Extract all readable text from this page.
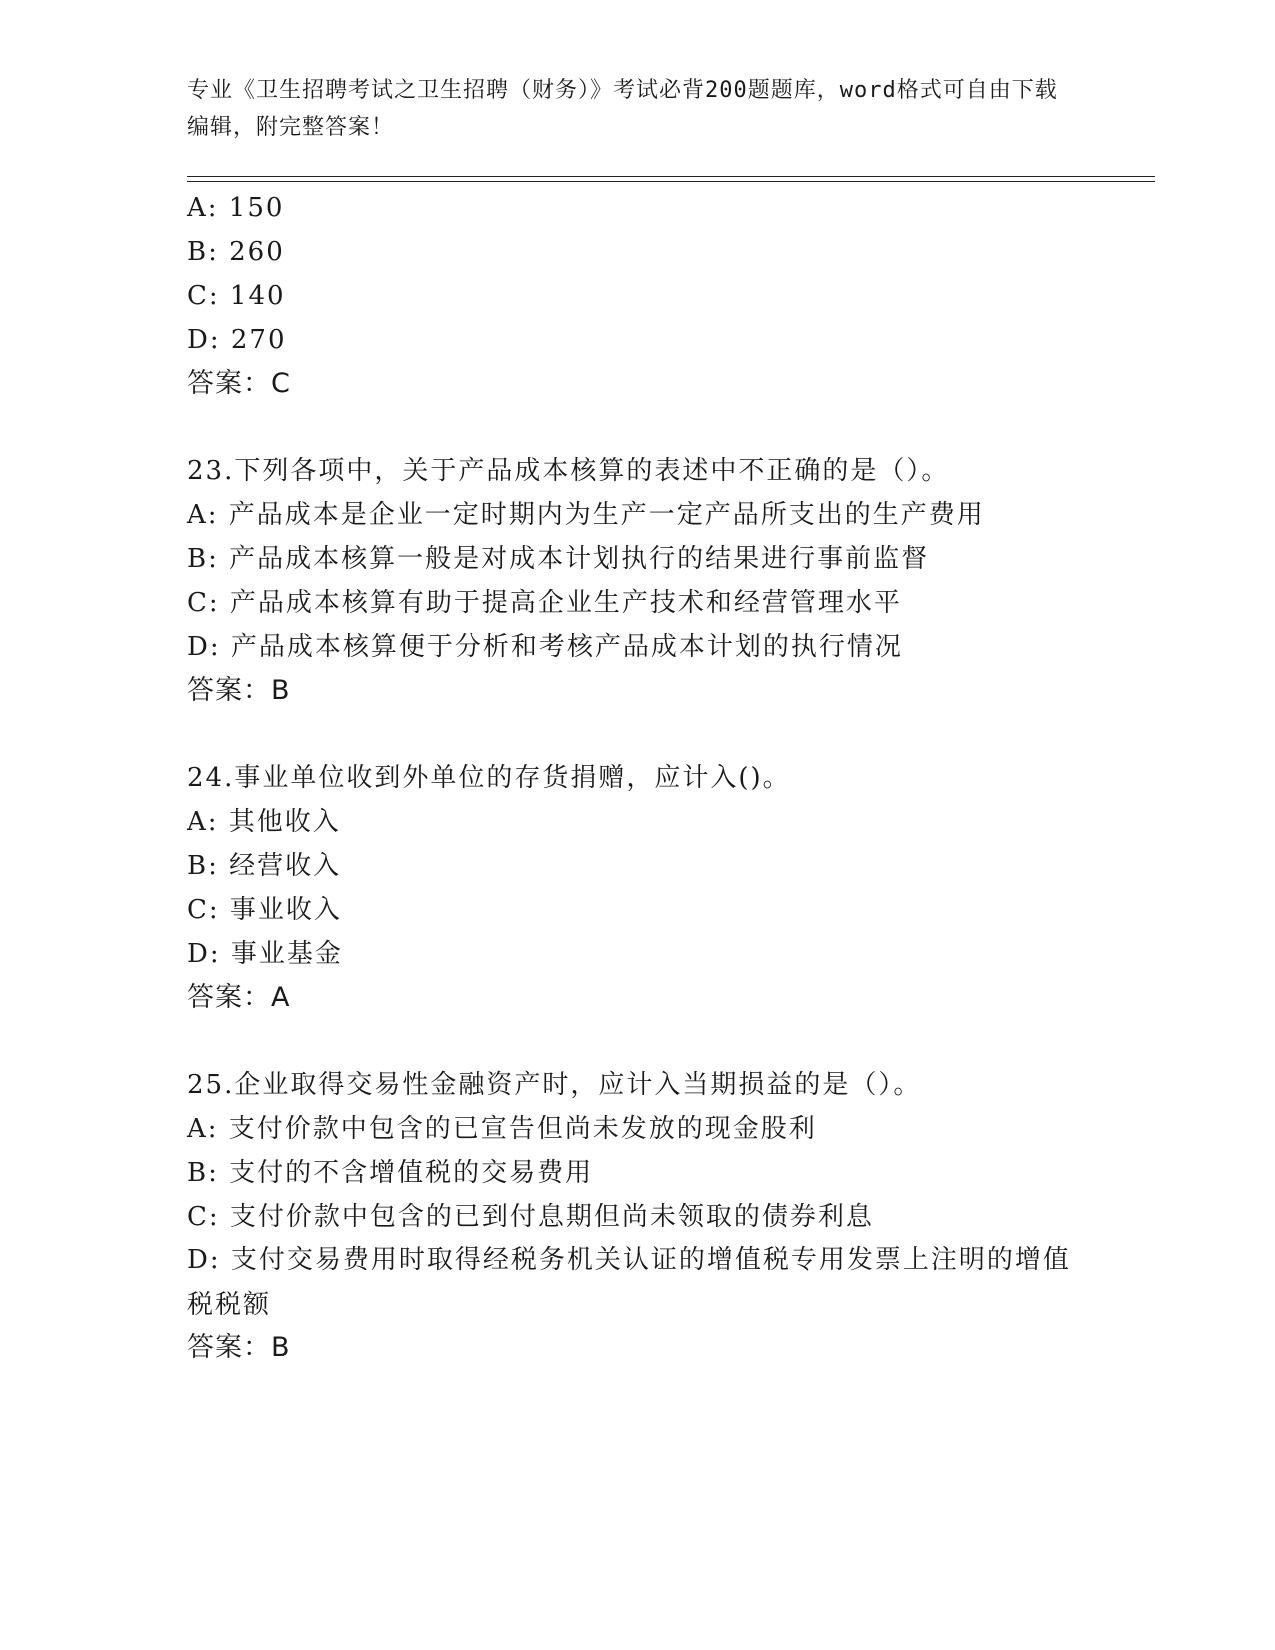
专业《卫生招聘考试之卫生招聘（财务）》考试必背200题题库，word格式可自由下载编辑，附完整答案！
A: 150
B: 260
C: 140
D: 270
答案：C
23.下列各项中，关于产品成本核算的表述中不正确的是（）。
A: 产品成本是企业一定时期内为生产一定产品所支出的生产费用
B: 产品成本核算一般是对成本计划执行的结果进行事前监督
C: 产品成本核算有助于提高企业生产技术和经营管理水平
D: 产品成本核算便于分析和考核产品成本计划的执行情况
答案：B
24.事业单位收到外单位的存货捐赠，应计入()。
A: 其他收入
B: 经营收入
C: 事业收入
D: 事业基金
答案：A
25.企业取得交易性金融资产时，应计入当期损益的是（）。
A: 支付价款中包含的已宣告但尚未发放的现金股利
B: 支付的不含增值税的交易费用
C: 支付价款中包含的已到付息期但尚未领取的债券利息
D: 支付交易费用时取得经税务机关认证的增值税专用发票上注明的增值税税额
答案：B
